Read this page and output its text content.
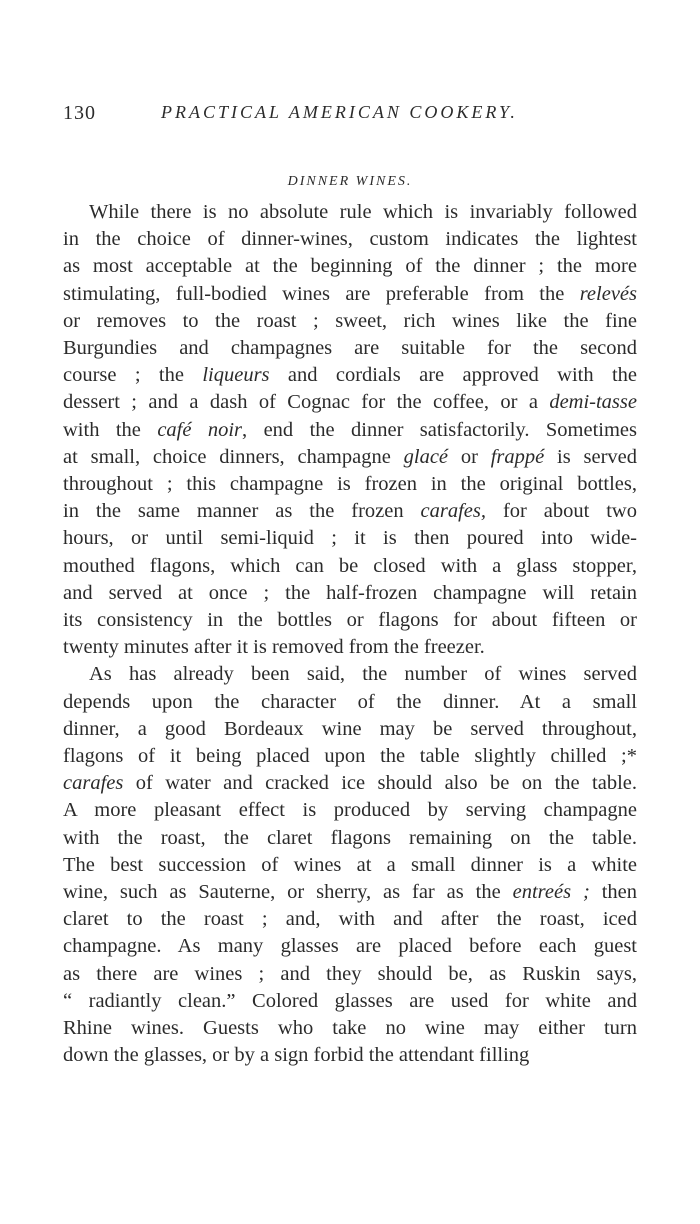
130	PRACTICAL AMERICAN COOKERY.
DINNER WINES.
While there is no absolute rule which is invariably followed
in the choice of dinner-wines, custom indicates the lightest
as most acceptable at the beginning of the dinner ; the more
stimulating, full-bodied wines are preferable from the relevés
or removes to the roast ; sweet, rich wines like the fine
Burgundies and champagnes are suitable for the second
course ; the liqueurs and cordials are approved with the
dessert ; and a dash of Cognac for the coffee, or a demi-tasse
with the café noir, end the dinner satisfactorily. Sometimes
at small, choice dinners, champagne glacé or frappé is served
throughout ; this champagne is frozen in the original bottles,
in the same manner as the frozen carafes, for about two
hours, or until semi-liquid ; it is then poured into wide-
mouthed flagons, which can be closed with a glass stopper,
and served at once ; the half-frozen champagne will retain
its consistency in the bottles or flagons for about fifteen or
twenty minutes after it is removed from the freezer.
As has already been said, the number of wines served
depends upon the character of the dinner. At a small
dinner, a good Bordeaux wine may be served throughout,
flagons of it being placed upon the table slightly chilled ;*
carafes of water and cracked ice should also be on the table.
A more pleasant effect is produced by serving champagne
with the roast, the claret flagons remaining on the table.
The best succession of wines at a small dinner is a white
wine, such as Sauterne, or sherry, as far as the entreés ; then
claret to the roast ; and, with and after the roast, iced
champagne. As many glasses are placed before each guest
as there are wines ; and they should be, as Ruskin says,
“ radiantly clean.” Colored glasses are used for white and
Rhine wines. Guests who take no wine may either turn
down the glasses, or by a sign forbid the attendant filling
